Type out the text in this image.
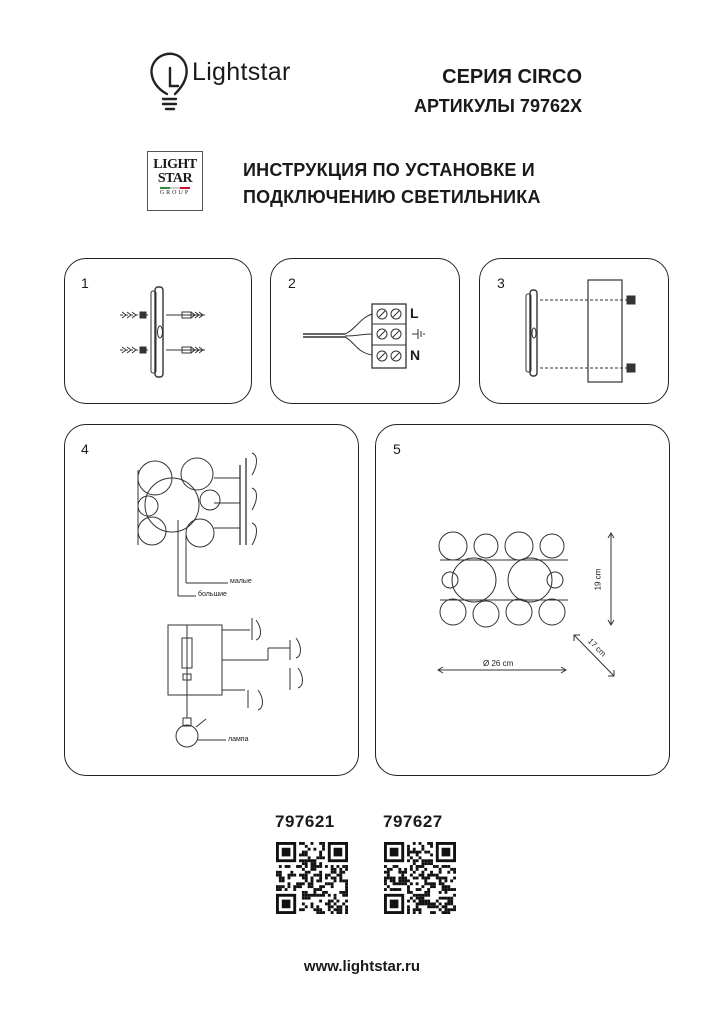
Lightstar	СЕРИЯ CIRCO
АРТИКУЛЫ 79762X
LIGHT
STAR
GROUP
ИНСТРУКЦИЯ ПО УСТАНОВКЕ И
ПОДКЛЮЧЕНИЮ СВЕТИЛЬНИКА
1	2	3
4	5
L
N
малые
большие
лампа
19 cm
17 cm
Ø 26 cm
797621	797627
www.lightstar.ru
